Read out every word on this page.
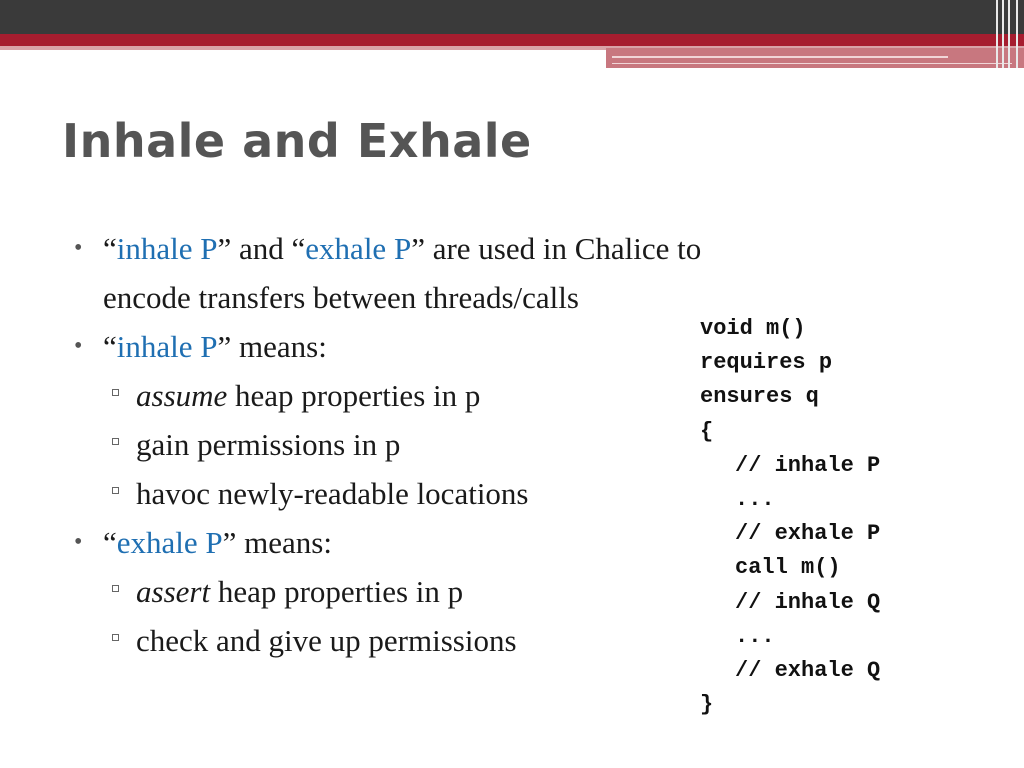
Inhale and Exhale
• “inhale P” and “exhale P” are used in Chalice to
encode transfers between threads/calls
• “inhale P” means:
assume heap properties in p
gain permissions in p
havoc newly-readable locations
• “exhale P” means:
assert heap properties in p
check and give up permissions
void m()
requires p
ensures q
{
// inhale P
...
// exhale P
call m()
// inhale Q
...
// exhale Q
}
